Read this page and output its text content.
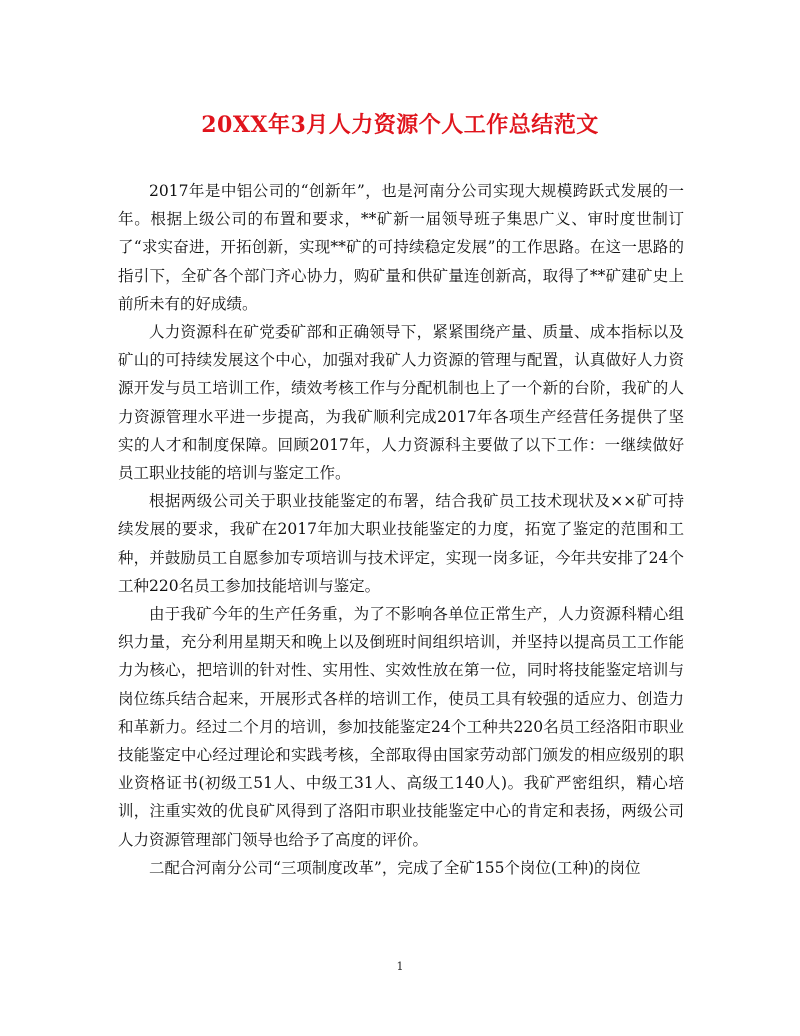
20XX年3月人力资源个人工作总结范文

2017年是中铝公司的“创新年”，也是河南分公司实现大规模跨跃式发展的一年。根据上级公司的布置和要求，**矿新一届领导班子集思广义、审时度世制订了“求实奋进，开拓创新，实现**矿的可持续稳定发展”的工作思路。在这一思路的指引下，全矿各个部门齐心协力，购矿量和供矿量连创新高，取得了**矿建矿史上前所未有的好成绩。

人力资源科在矿党委矿部和正确领导下，紧紧围绕产量、质量、成本指标以及矿山的可持续发展这个中心，加强对我矿人力资源的管理与配置，认真做好人力资源开发与员工培训工作，绩效考核工作与分配机制也上了一个新的台阶，我矿的人力资源管理水平进一步提高，为我矿顺利完成2017年各项生产经营任务提供了坚实的人才和制度保障。回顾2017年，人力资源科主要做了以下工作：一继续做好员工职业技能的培训与鉴定工作。

根据两级公司关于职业技能鉴定的布署，结合我矿员工技术现状及××矿可持续发展的要求，我矿在2017年加大职业技能鉴定的力度，拓宽了鉴定的范围和工种，并鼓励员工自愿参加专项培训与技术评定，实现一岗多证，今年共安排了24个工种220名员工参加技能培训与鉴定。

由于我矿今年的生产任务重，为了不影响各单位正常生产，人力资源科精心组织力量，充分利用星期天和晚上以及倒班时间组织培训，并坚持以提高员工工作能力为核心，把培训的针对性、实用性、实效性放在第一位，同时将技能鉴定培训与岗位练兵结合起来，开展形式各样的培训工作，使员工具有较强的适应力、创造力和革新力。经过二个月的培训，参加技能鉴定24个工种共220名员工经洛阳市职业技能鉴定中心经过理论和实践考核，全部取得由国家劳动部门颁发的相应级别的职业资格证书(初级工51人、中级工31人、高级工140人)。我矿严密组织，精心培训，注重实效的优良矿风得到了洛阳市职业技能鉴定中心的肯定和表扬，两级公司人力资源管理部门领导也给予了高度的评价。

二配合河南分公司“三项制度改革”，完成了全矿155个岗位(工种)的岗位

1
